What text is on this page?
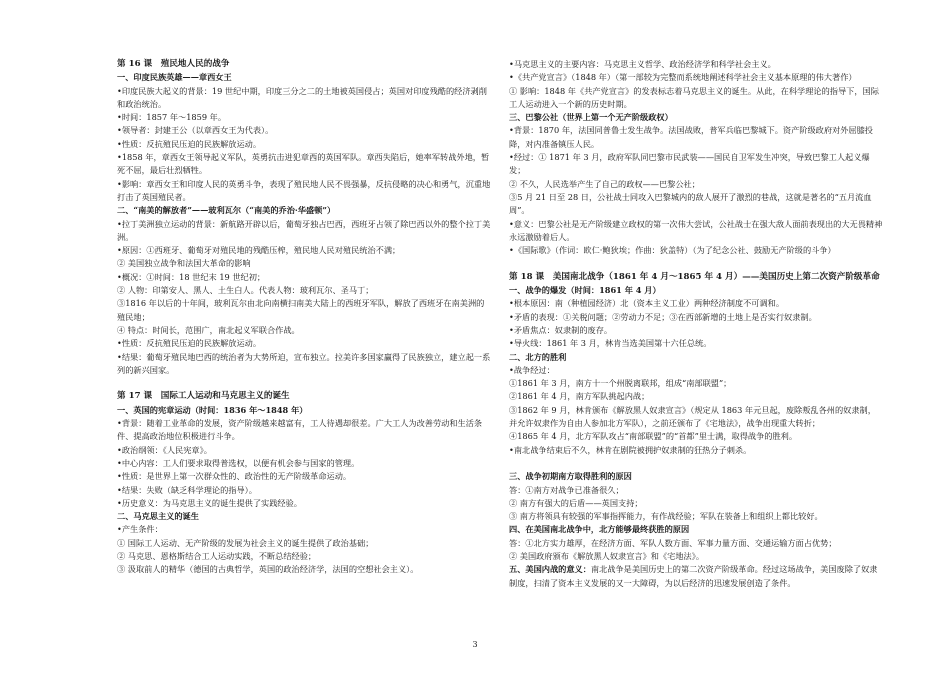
第 16 课　殖民地人民的战争
一、印度民族英雄——章西女王
•印度民族大起义的背景：19 世纪中期，印度三分之二的土地被英国侵占；英国对印度残酷的经济剥削和政治统治。
•时间：1857 年～1859 年。
•领导者：封建王公（以章西女王为代表）。
•性质：反抗殖民压迫的民族解放运动。
•1858 年，章西女王领导起义军队，英勇抗击进犯章西的英国军队。章西失陷后，她率军转战外地，暂死不屈，最后壮烈牺牲。
•影响：章西女王和印度人民的英勇斗争，表现了殖民地人民不畏强暴，反抗侵略的决心和勇气，沉重地打击了英国殖民者。
二、“南美的解放者”——玻利瓦尔（“南美的乔治·华盛顿”）
•拉丁美洲独立运动的背景：新航路开辟以后，葡萄牙独占巴西，西班牙占领了除巴西以外的整个拉丁美洲。
•原因：①西班牙、葡萄牙对殖民地的残酷压榨，殖民地人民对殖民统治不满；
② 美国独立战争和法国大革命的影响
•概况：①时间：18 世纪末 19 世纪初；
② 人物：印第安人、黑人、土生白人。代表人物：玻利瓦尔、圣马丁；
③1816 年以后的十年间，玻利瓦尔由北向南横扫南美大陆上的西班牙军队，解放了西班牙在南美洲的殖民地；
④ 特点：时间长，范围广，南北起义军联合作战。
•性质：反抗殖民压迫的民族解放运动。
•结果：葡萄牙殖民地巴西的统治者为大势所迫，宣布独立。拉美许多国家赢得了民族独立，建立起一系列的新兴国家。
第 17 课　国际工人运动和马克思主义的诞生
一、英国的宪章运动（时间：1836 年～1848 年）
•背景：随着工业革命的发展，资产阶级越来越富有，工人待遇却很差。广大工人为改善劳动和生活条件、提高政治地位积极进行斗争。
•政治纲领：《人民宪章》。
•中心内容：工人们要求取得普选权，以便有机会参与国家的管理。
•性质：是世界上第一次群众性的、政治性的无产阶级革命运动。
•结果：失败（缺乏科学理论的指导）。
•历史意义：为马克思主义的诞生提供了实践经验。
二、马克思主义的诞生
•产生条件：
① 国际工人运动、无产阶级的发展为社会主义的诞生提供了政治基础；
② 马克思、恩格斯结合工人运动实践，不断总结经验；
③ 汲取前人的精华（德国的古典哲学，英国的政治经济学，法国的空想社会主义）。
•马克思主义的主要内容：马克思主义哲学、政治经济学和科学社会主义。
•《共产党宣言》（1848 年）（第一部较为完整而系统地阐述科学社会主义基本原理的伟大著作）
① 影响：1848 年《共产党宣言》的发表标志着马克思主义的诞生。从此，在科学理论的指导下，国际工人运动进入一个新的历史时期。
三、巴黎公社（世界上第一个无产阶级政权）
•背景：1870 年，法国同普鲁士发生战争。法国战败，普军兵临巴黎城下。资产阶级政府对外屈膝投降，对内准备镇压人民。
•经过：① 1871 年 3 月，政府军队同巴黎市民武装——国民自卫军发生冲突，导致巴黎工人起义爆发；
② 不久，人民选举产生了自己的政权——巴黎公社；
③5 月 21 日至 28 日，公社战士同攻入巴黎城内的敌人展开了激烈的巷战，这就是著名的“五月流血周”。
•意义：巴黎公社是无产阶级建立政权的第一次伟大尝试，公社战士在强大敌人面前表现出的大无畏精神永远激励着后人。
•《国际歌》（作词：欧仁·鲍狄埃；作曲：狄盖特）（为了纪念公社、鼓励无产阶级的斗争）
第 18 课　美国南北战争（1861 年 4 月～1865 年 4 月）——美国历史上第二次资产阶级革命
一、战争的爆发（时间：1861 年 4 月）
•根本原因：南（种植园经济）北（资本主义工业）两种经济制度不可调和。
•矛盾的表现：①关税问题；②劳动力不足；③在西部新增的土地上是否实行奴隶制。
•矛盾焦点：奴隶制的废存。
•导火线：1861 年 3 月，林肯当选美国第十六任总统。
二、北方的胜利
•战争经过：
①1861 年 3 月，南方十一个州脱离联邦，组成“南部联盟”；
②1861 年 4 月，南方军队挑起内战；
③1862 年 9 月，林肯颁布《解放黑人奴隶宣言》（规定从 1863 年元旦起，废除叛乱各州的奴隶制，并允许奴隶作为自由人参加北方军队），之前还颁布了《宅地法》，战争出现重大转折；
④1865 年 4 月，北方军队攻占“南部联盟”的“首都”里士满，取得战争的胜利。
•南北战争结束后不久，林肯在剧院被拥护奴隶制的狂热分子刺杀。
三、战争初期南方取得胜利的原因
答：①南方对战争已准备很久；
② 南方有强大的后盾——英国支持；
③ 南方将领具有较强的军事指挥能力，有作战经验；军队在装备上和组织上都比较好。
四、在美国南北战争中，北方能够最终获胜的原因
答：①北方实力雄厚，在经济方面、军队人数方面、军事力量方面、交通运输方面占优势；
② 美国政府颁布《解放黑人奴隶宣言》和《宅地法》。
五、美国内战的意义：南北战争是美国历史上的第二次资产阶级革命。经过这场战争，美国废除了奴隶制度，扫清了资本主义发展的又一大障碍，为以后经济的迅速发展创造了条件。
3
